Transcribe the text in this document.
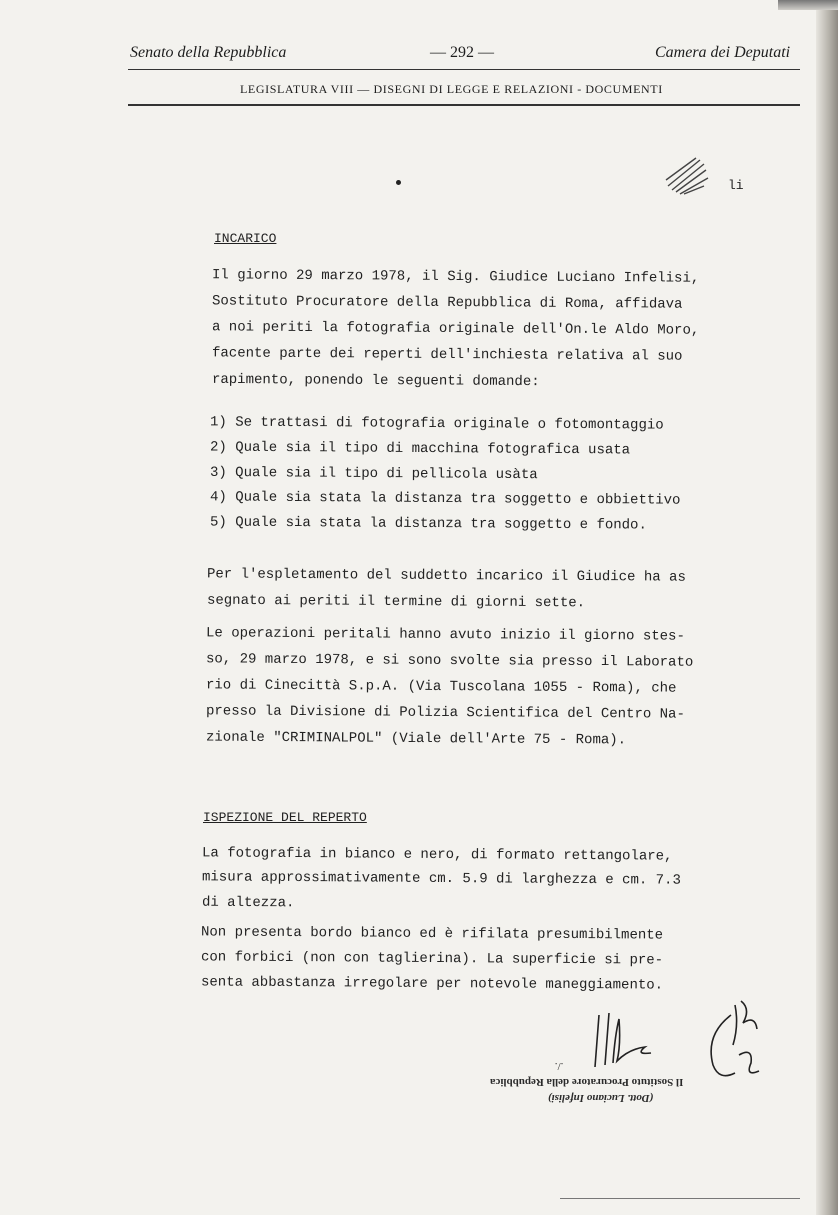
Senato della Repubblica	— 292 —	Camera dei Deputati
LEGISLATURA VIII — DISEGNI DI LEGGE E RELAZIONI - DOCUMENTI
li
INCARICO
Il giorno 29 marzo 1978, il Sig. Giudice Luciano Infelisi,
Sostituto Procuratore della Repubblica di Roma, affidava
a noi periti la fotografia originale dell'On.le Aldo Moro,
facente parte dei reperti dell'inchiesta relativa al suo
rapimento, ponendo le seguenti domande:
1) Se trattasi di fotografia originale o fotomontaggio
2) Quale sia il tipo di macchina fotografica usata
3) Quale sia il tipo di pellicola usàta
4) Quale sia stata la distanza tra soggetto e obbiettivo
5) Quale sia stata la distanza tra soggetto e fondo.
Per l'espletamento del suddetto incarico il Giudice ha as
segnato ai periti il termine di giorni sette.
Le operazioni peritali hanno avuto inizio il giorno stes-
so, 29 marzo 1978, e si sono svolte sia presso il Laborato
rio di Cinecittà S.p.A. (Via Tuscolana 1055 - Roma), che
presso la Divisione di Polizia Scientifica del Centro Na-
zionale "CRIMINALPOL" (Viale dell'Arte 75 - Roma).
ISPEZIONE DEL REPERTO
La fotografia in bianco e nero, di formato rettangolare,
misura approssimativamente cm. 5.9 di larghezza e cm. 7.3
di altezza.
Non presenta bordo bianco ed è rifilata presumibilmente
con forbici (non con taglierina). La superficie si pre-
senta abbastanza irregolare per notevole maneggiamento.
(Dott. Luciano Infelisi)
Il Sostituto Procuratore della Repubblica
./.
